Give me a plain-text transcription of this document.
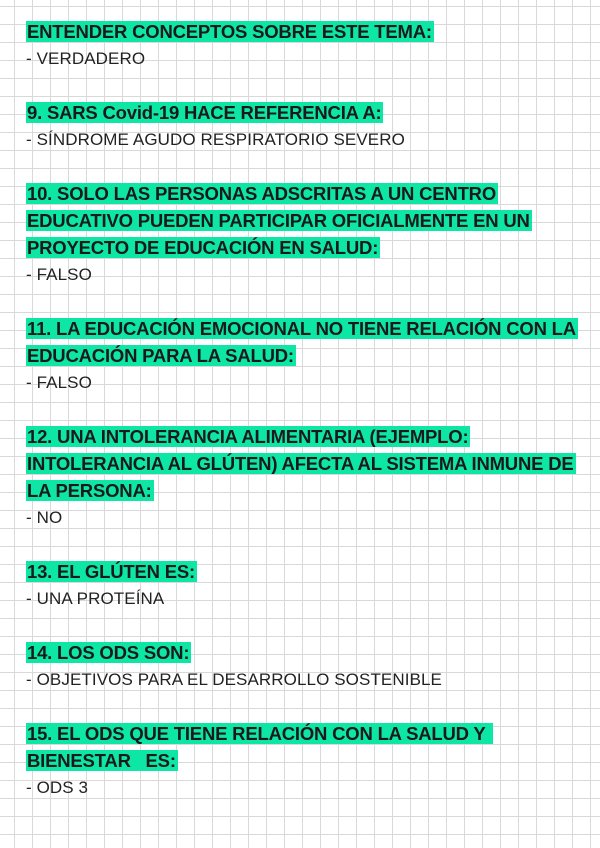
ENTENDER CONCEPTOS SOBRE ESTE TEMA:

- VERDADERO

9. SARS Covid-19 HACE REFERENCIA A:

- SÍNDROME AGUDO RESPIRATORIO SEVERO

10. SOLO LAS PERSONAS ADSCRITAS A UN CENTRO EDUCATIVO PUEDEN PARTICIPAR OFICIALMENTE EN UN PROYECTO DE EDUCACIÓN EN SALUD:

- FALSO

11. LA EDUCACIÓN EMOCIONAL NO TIENE RELACIÓN CON LA EDUCACIÓN PARA LA SALUD:

- FALSO

12. UNA INTOLERANCIA ALIMENTARIA (EJEMPLO: INTOLERANCIA AL GLÚTEN) AFECTA AL SISTEMA INMUNE DE LA PERSONA:

- NO

13. EL GLÚTEN ES:

- UNA PROTEÍNA

14. LOS ODS SON:

- OBJETIVOS PARA EL DESARROLLO SOSTENIBLE

15. EL ODS QUE TIENE RELACIÓN CON LA SALUD Y BIENESTAR   ES:

- ODS 3
